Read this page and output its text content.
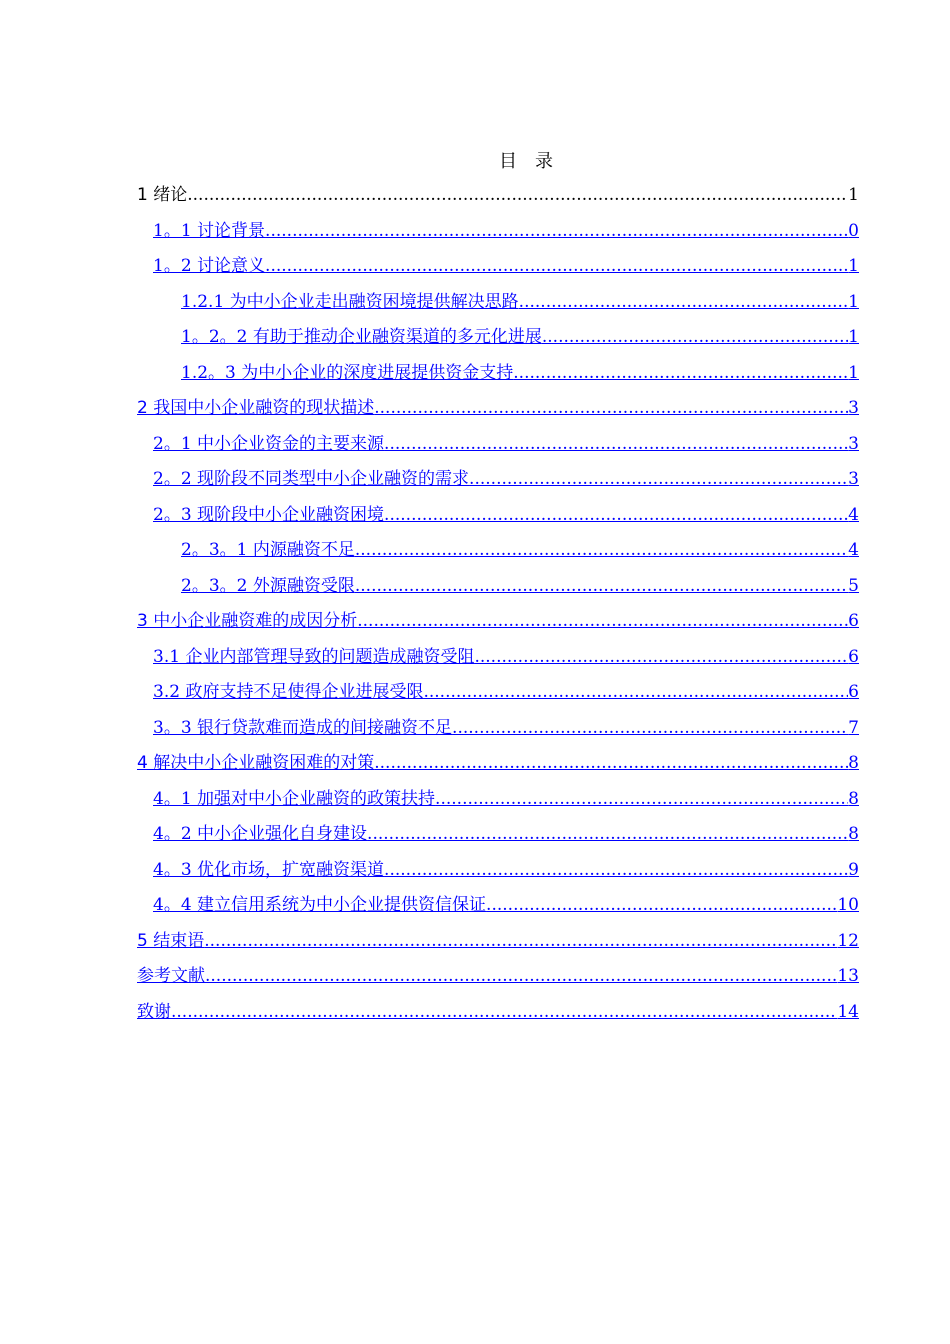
目　录
1 绪论 .....	1
1。1 讨论背景 .....	0
1。2 讨论意义 .....	1
1.2.1 为中小企业走出融资困境提供解决思路 .....	1
1。2。2 有助于推动企业融资渠道的多元化进展 .....	1
1.2。3 为中小企业的深度进展提供资金支持 .....	1
2 我国中小企业融资的现状描述 .....	3
2。1 中小企业资金的主要来源 .....	3
2。2 现阶段不同类型中小企业融资的需求 .....	3
2。3 现阶段中小企业融资困境 .....	4
2。3。1 内源融资不足 .....	4
2。3。2 外源融资受限 .....	5
3 中小企业融资难的成因分析 .....	6
3.1 企业内部管理导致的问题造成融资受阻 .....	6
3.2 政府支持不足使得企业进展受限 .....	6
3。3 银行贷款难而造成的间接融资不足 .....	7
4 解决中小企业融资困难的对策 .....	8
4。1 加强对中小企业融资的政策扶持 .....	8
4。2 中小企业强化自身建设 .....	8
4。3 优化市场，扩宽融资渠道 .....	9
4。4 建立信用系统为中小企业提供资信保证 .....	10
5 结束语 .....	12
参考文献 .....	13
致谢 .....	14
